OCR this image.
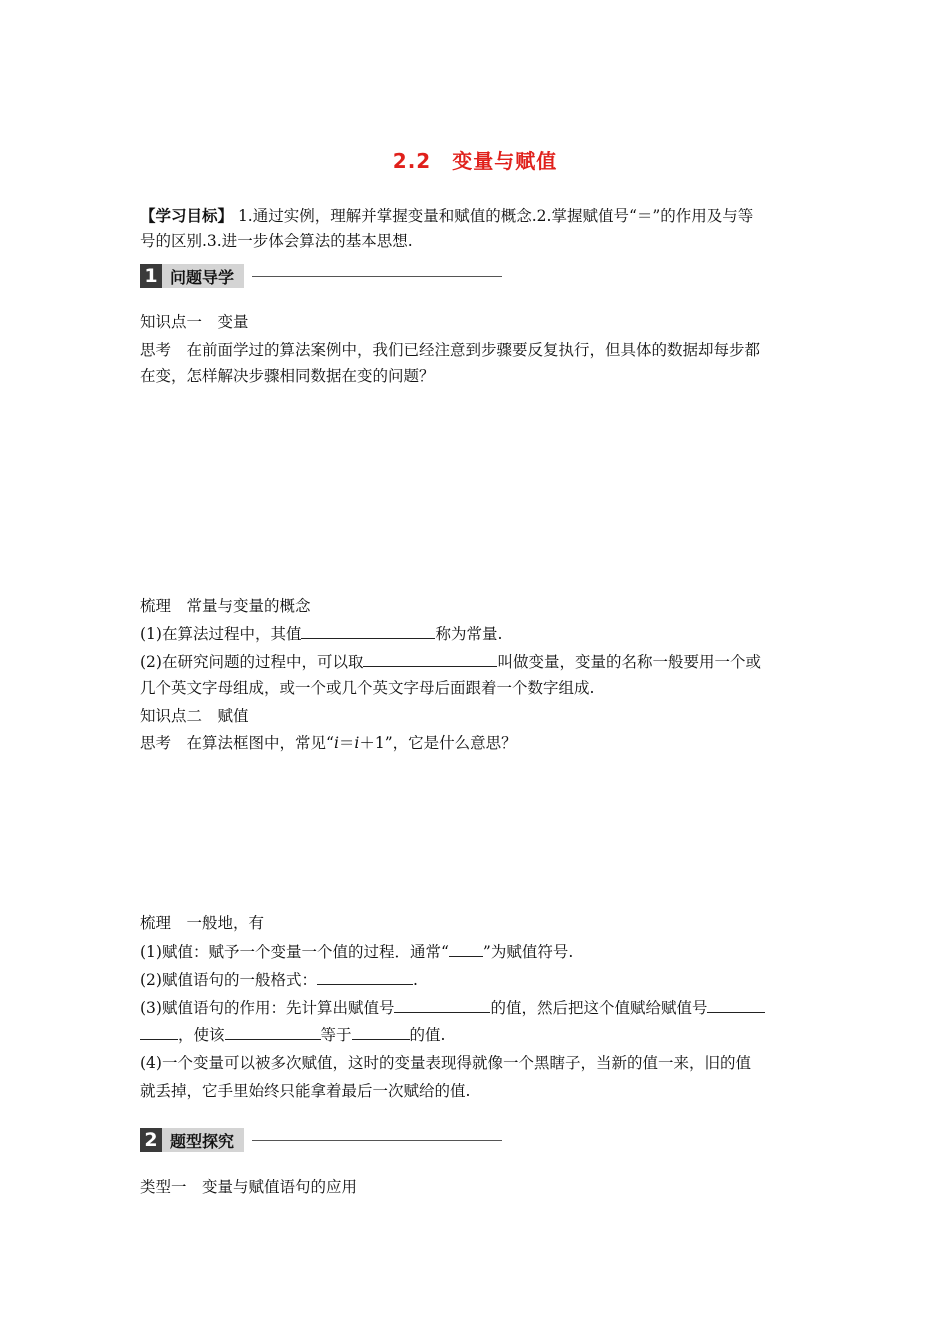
2.2　变量与赋值
【学习目标】 1.通过实例，理解并掌握变量和赋值的概念.2.掌握赋值号“＝”的作用及与等
号的区别.3.进一步体会算法的基本思想.
1 问题导学
知识点一　变量
思考　在前面学过的算法案例中，我们已经注意到步骤要反复执行，但具体的数据却每步都
在变，怎样解决步骤相同数据在变的问题？
梳理　常量与变量的概念
(1)在算法过程中，其值	称为常量.
(2)在研究问题的过程中，可以取	叫做变量，变量的名称一般要用一个或
几个英文字母组成，或一个或几个英文字母后面跟着一个数字组成.
知识点二　赋值
思考　在算法框图中，常见“i＝i＋1”，它是什么意思？
梳理　一般地，有
(1)赋值：赋予一个变量一个值的过程．通常“ ”为赋值符号.
(2)赋值语句的一般格式：	.
(3)赋值语句的作用：先计算出赋值号	的值，然后把这个值赋给赋值号
，使该	等于	的值.
(4)一个变量可以被多次赋值，这时的变量表现得就像一个黑瞎子，当新的值一来，旧的值
就丢掉，它手里始终只能拿着最后一次赋给的值.
2 题型探究
类型一　变量与赋值语句的应用
